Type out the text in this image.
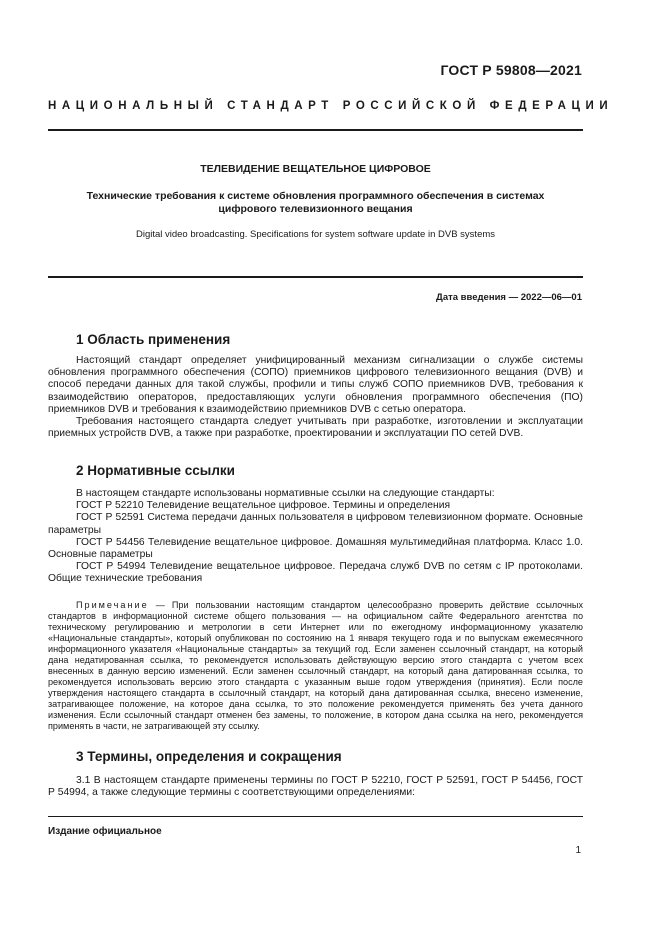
ГОСТ Р 59808—2021
НАЦИОНАЛЬНЫЙ СТАНДАРТ РОССИЙСКОЙ ФЕДЕРАЦИИ
ТЕЛЕВИДЕНИЕ ВЕЩАТЕЛЬНОЕ ЦИФРОВОЕ
Технические требования к системе обновления программного обеспечения в системах цифрового телевизионного вещания
Digital video broadcasting. Specifications for system software update in DVB systems
Дата введения — 2022—06—01
1 Область применения

Настоящий стандарт определяет унифицированный механизм сигнализации о службе системы обновления программного обеспечения (СОПО) приемников цифрового телевизионного вещания (DVB) и способ передачи данных для такой службы, профили и типы служб СОПО приемников DVB, требования к взаимодействию операторов, предоставляющих услуги обновления программного обеспечения (ПО) приемников DVB и требования к взаимодействию приемников DVB с сетью оператора.

Требования настоящего стандарта следует учитывать при разработке, изготовлении и эксплуатации приемных устройств DVB, а также при разработке, проектировании и эксплуатации ПО сетей DVB.

2 Нормативные ссылки

В настоящем стандарте использованы нормативные ссылки на следующие стандарты:

ГОСТ Р 52210 Телевидение вещательное цифровое. Термины и определения

ГОСТ Р 52591 Система передачи данных пользователя в цифровом телевизионном формате. Основные параметры

ГОСТ Р 54456 Телевидение вещательное цифровое. Домашняя мультимедийная платформа. Класс 1.0. Основные параметры

ГОСТ Р 54994 Телевидение вещательное цифровое. Передача служб DVB по сетям с IP протоколами. Общие технические требования

Примечание — При пользовании настоящим стандартом целесообразно проверить действие ссылочных стандартов в информационной системе общего пользования — на официальном сайте Федерального агентства по техническому регулированию и метрологии в сети Интернет или по ежегодному информационному указателю «Национальные стандарты», который опубликован по состоянию на 1 января текущего года и по выпускам ежемесячного информационного указателя «Национальные стандарты» за текущий год. Если заменен ссылочный стандарт, на который дана недатированная ссылка, то рекомендуется использовать действующую версию этого стандарта с учетом всех внесенных в данную версию изменений. Если заменен ссылочный стандарт, на который дана датированная ссылка, то рекомендуется использовать версию этого стандарта с указанным выше годом утверждения (принятия). Если после утверждения настоящего стандарта в ссылочный стандарт, на который дана датированная ссылка, внесено изменение, затрагивающее положение, на которое дана ссылка, то это положение рекомендуется применять без учета данного изменения. Если ссылочный стандарт отменен без замены, то положение, в котором дана ссылка на него, рекомендуется применять в части, не затрагивающей эту ссылку.

3 Термины, определения и сокращения

3.1 В настоящем стандарте применены термины по ГОСТ Р 52210, ГОСТ Р 52591, ГОСТ Р 54456, ГОСТ Р 54994, а также следующие термины с соответствующими определениями:

Издание официальное
1
